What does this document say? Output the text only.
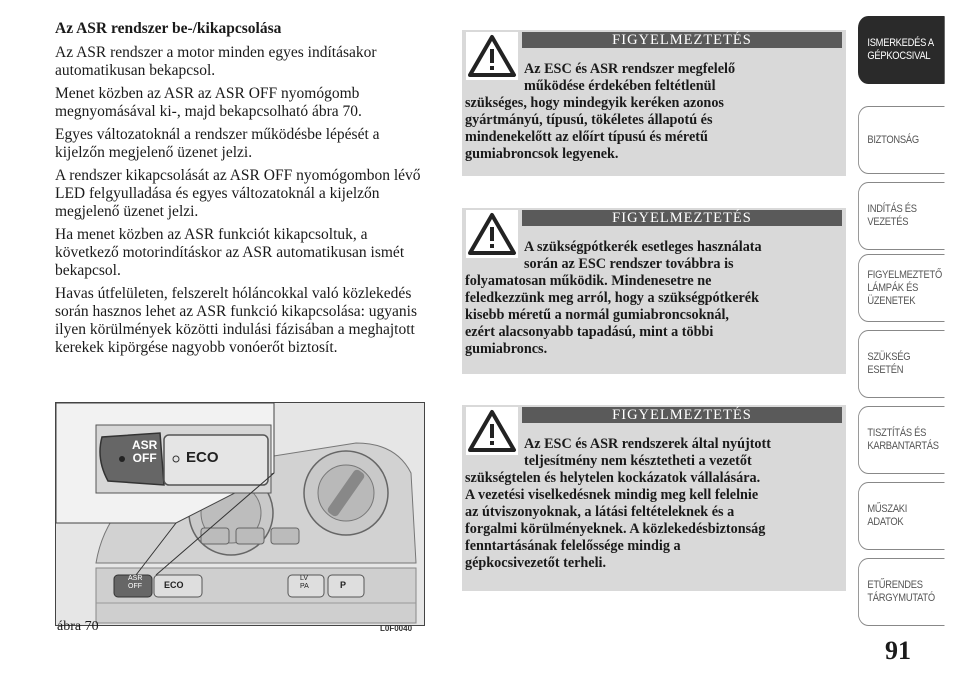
Az ASR rendszer be-/kikapcsolása

Az ASR rendszer a motor minden egyes indításakor automatikusan bekapcsol.

Menet közben az ASR az ASR OFF nyomógomb megnyomásával ki-, majd bekapcsolható ábra 70.

Egyes változatoknál a rendszer működésbe lépését a kijelzőn megjelenő üzenet jelzi.

A rendszer kikapcsolását az ASR OFF nyomógombon lévő LED felgyulladása és egyes változatoknál a kijelzőn megjelenő üzenet jelzi.

Ha menet közben az ASR funkciót kikapcsoltuk, a következő motorindításkor az ASR automatikusan ismét bekapcsol.

Havas útfelületen, felszerelt hóláncokkal való közlekedés során hasznos lehet az ASR funkció kikapcsolása: ugyanis ilyen körülmények közötti indulási fázisában a meghajtott kerekek kipörgése nagyobb vonóerőt biztosít.

ASR
OFF ECO
ASR
OFF ECO
LV
PA	P
ábra 70	L0F0040
FIGYELMEZTETÉS
Az ESC és ASR rendszer megfelelő
működése érdekében feltétlenül
szükséges, hogy mindegyik keréken azonos
gyártmányú, típusú, tökéletes állapotú és
mindenekelőtt az előírt típusú és méretű
gumiabroncsok legyenek.
FIGYELMEZTETÉS
A szükségpótkerék esetleges használata
során az ESC rendszer továbbra is
folyamatosan működik. Mindenesetre ne
feledkezzünk meg arról, hogy a szükségpótkerék
kisebb méretű a normál gumiabroncsoknál,
ezért alacsonyabb tapadású, mint a többi
gumiabroncs.
FIGYELMEZTETÉS
Az ESC és ASR rendszerek által nyújtott
teljesítmény nem késztetheti a vezetőt
szükségtelen és helytelen kockázatok vállalására.
A vezetési viselkedésnek mindig meg kell felelnie
az útviszonyoknak, a látási feltételeknek és a
forgalmi körülményeknek. A közlekedésbiztonság
fenntartásának felelőssége mindig a
gépkocsivezetőt terheli.
ISMERKEDÉS A
GÉPKOCSIVAL
BIZTONSÁG
INDÍTÁS ÉS
VEZETÉS
FIGYELMEZTETŐ
LÁMPÁK ÉS
ÜZENETEK
SZÜKSÉG ESETÉN
TISZTÍTÁS ÉS
KARBANTARTÁS
MŰSZAKI ADATOK
ETŰRENDES
TÁRGYMUTATÓ
91
